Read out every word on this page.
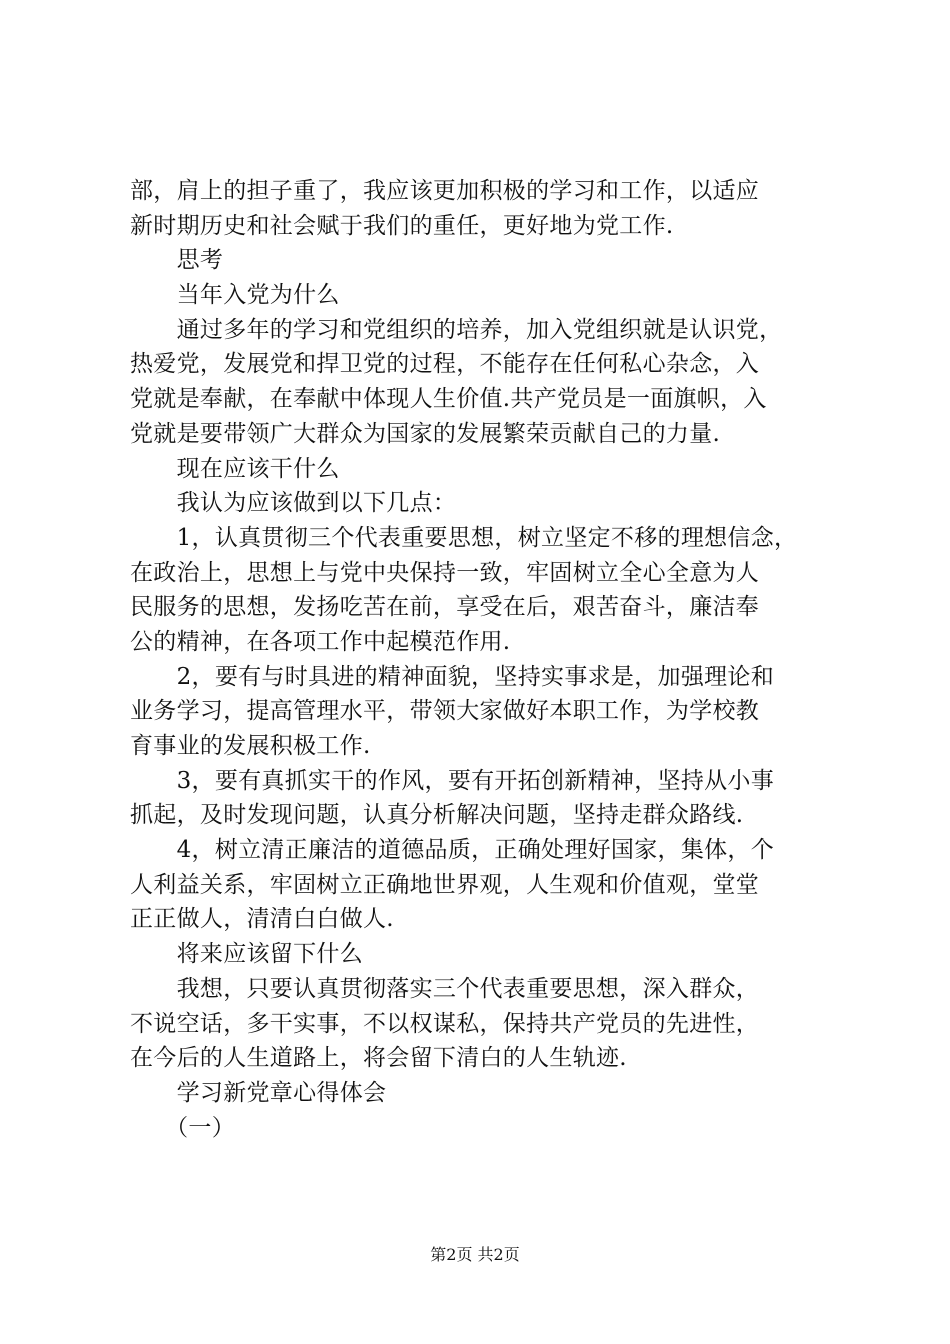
部，肩上的担子重了，我应该更加积极的学习和工作，以适应
新时期历史和社会赋于我们的重任，更好地为党工作.
　　思考
　　当年入党为什么
　　通过多年的学习和党组织的培养，加入党组织就是认识党，
热爱党，发展党和捍卫党的过程，不能存在任何私心杂念，入
党就是奉献，在奉献中体现人生价值.共产党员是一面旗帜，入
党就是要带领广大群众为国家的发展繁荣贡献自己的力量.
　　现在应该干什么
　　我认为应该做到以下几点：
　　1，认真贯彻三个代表重要思想，树立坚定不移的理想信念，
在政治上，思想上与党中央保持一致，牢固树立全心全意为人
民服务的思想，发扬吃苦在前，享受在后，艰苦奋斗，廉洁奉
公的精神，在各项工作中起模范作用.
　　2，要有与时具进的精神面貌，坚持实事求是，加强理论和
业务学习，提高管理水平，带领大家做好本职工作，为学校教
育事业的发展积极工作.
　　3，要有真抓实干的作风，要有开拓创新精神，坚持从小事
抓起，及时发现问题，认真分析解决问题，坚持走群众路线.
　　4，树立清正廉洁的道德品质，正确处理好国家，集体，个
人利益关系，牢固树立正确地世界观，人生观和价值观，堂堂
正正做人，清清白白做人.
　　将来应该留下什么
　　我想，只要认真贯彻落实三个代表重要思想，深入群众，
不说空话，多干实事，不以权谋私，保持共产党员的先进性，
在今后的人生道路上，将会留下清白的人生轨迹.
　　学习新党章心得体会
　　（一）
第2页 共2页
